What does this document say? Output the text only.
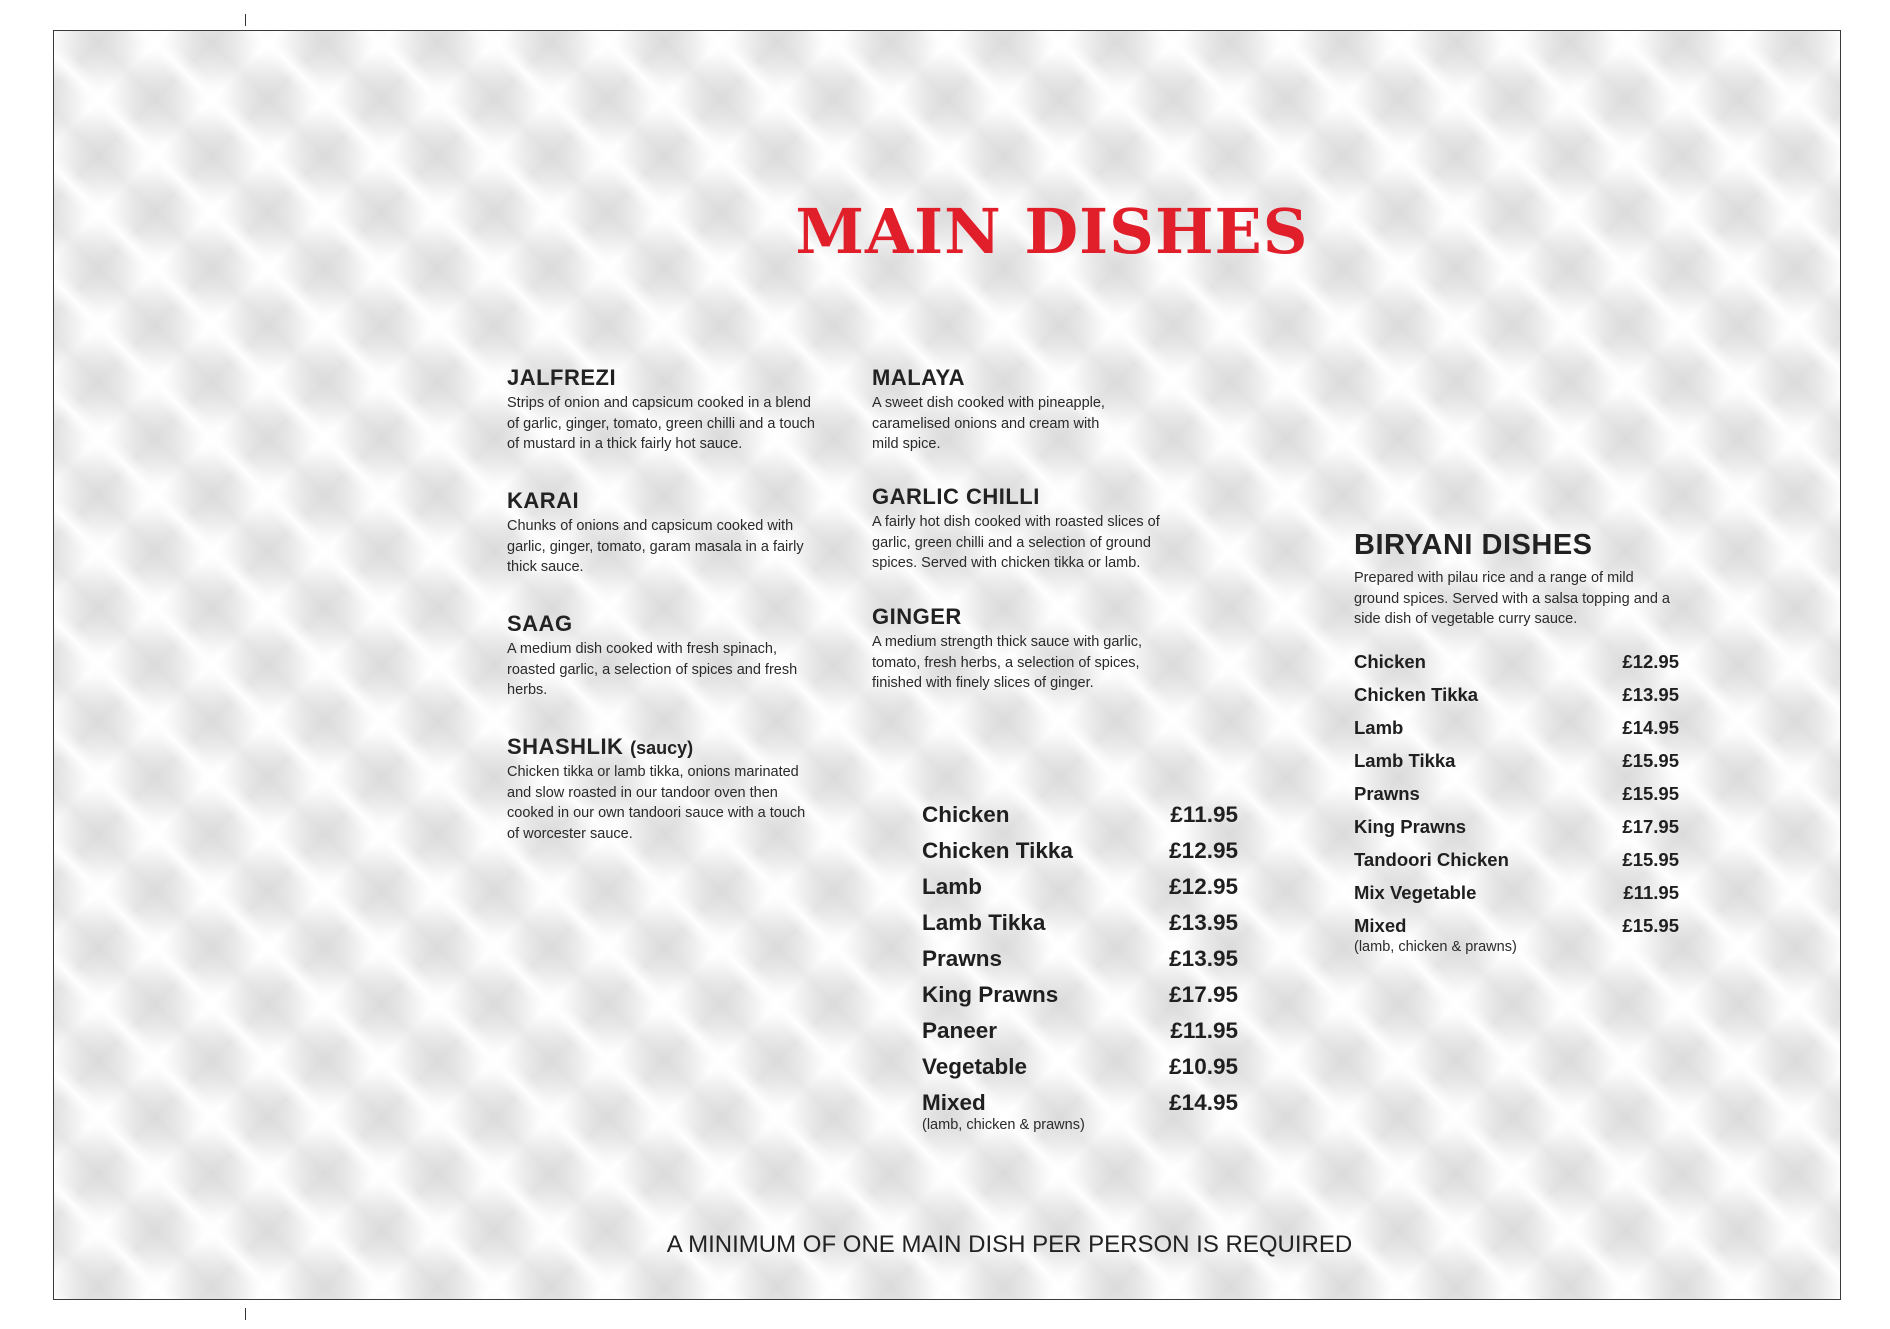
MAIN DISHES
JALFREZI
Strips of onion and capsicum cooked in a blend
of garlic, ginger, tomato, green chilli and a touch
of mustard in a thick fairly hot sauce.
KARAI
Chunks of onions and capsicum cooked with
garlic, ginger, tomato, garam masala in a fairly
thick sauce.
SAAG
A medium dish cooked with fresh spinach,
roasted garlic, a selection of spices and fresh
herbs.
SHASHLIK (saucy)
Chicken tikka or lamb tikka, onions marinated
and slow roasted in our tandoor oven then
cooked in our own tandoori sauce with a touch
of worcester sauce.
MALAYA
A sweet dish cooked with pineapple,
caramelised onions and cream with
mild spice.
GARLIC CHILLI
A fairly hot dish cooked with roasted slices of
garlic, green chilli and a selection of ground
spices. Served with chicken tikka or lamb.
GINGER
A medium strength thick sauce with garlic,
tomato, fresh herbs, a selection of spices,
finished with finely slices of ginger.
Chicken	£11.95
Chicken Tikka	£12.95
Lamb	£12.95
Lamb Tikka	£13.95
Prawns	£13.95
King Prawns	£17.95
Paneer	£11.95
Vegetable	£10.95
Mixed	£14.95
(lamb, chicken & prawns)
BIRYANI DISHES
Prepared with pilau rice and a range of mild
ground spices. Served with a salsa topping and a
side dish of vegetable curry sauce.
Chicken	£12.95
Chicken Tikka	£13.95
Lamb	£14.95
Lamb Tikka	£15.95
Prawns	£15.95
King Prawns	£17.95
Tandoori Chicken	£15.95
Mix Vegetable	£11.95
Mixed	£15.95
(lamb, chicken & prawns)
A MINIMUM OF ONE MAIN DISH PER PERSON IS REQUIRED
